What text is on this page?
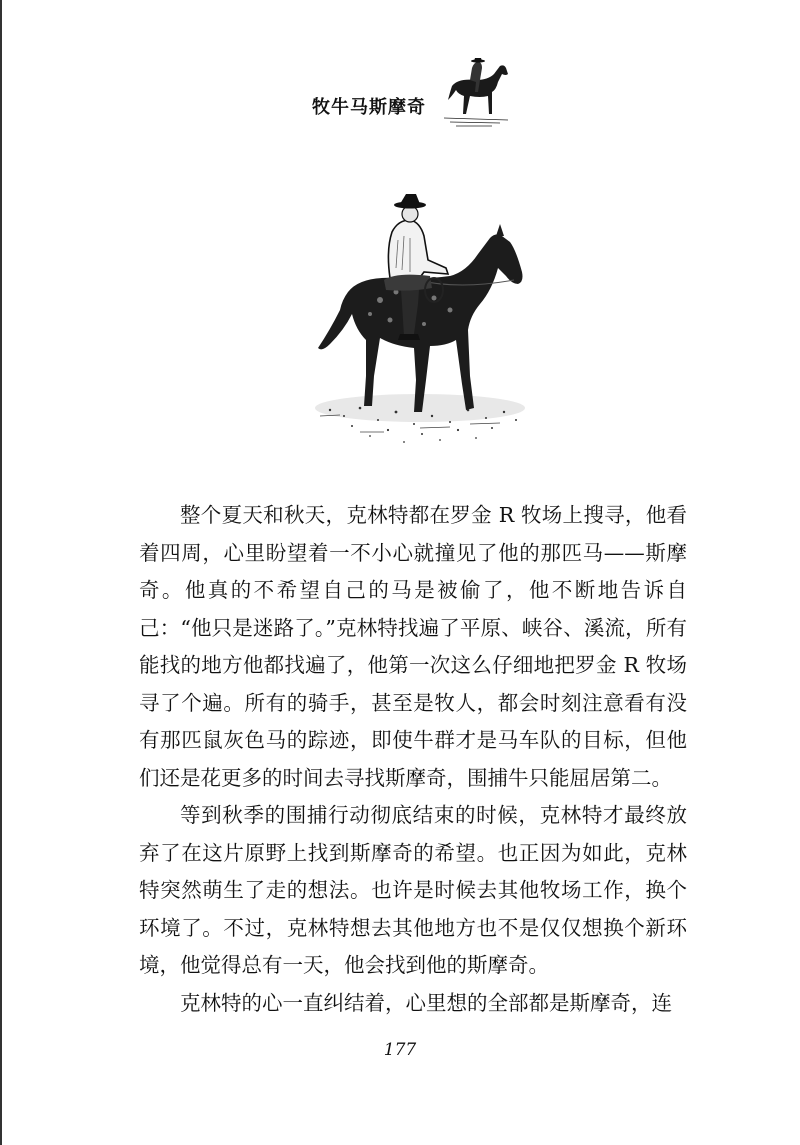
牧牛马斯摩奇

整个夏天和秋天，克林特都在罗金 R 牧场上搜寻，他看着四周，心里盼望着一不小心就撞见了他的那匹马——斯摩奇。他真的不希望自己的马是被偷了，他不断地告诉自己：“他只是迷路了。”克林特找遍了平原、峡谷、溪流，所有能找的地方他都找遍了，他第一次这么仔细地把罗金 R 牧场寻了个遍。所有的骑手，甚至是牧人，都会时刻注意看有没有那匹鼠灰色马的踪迹，即使牛群才是马车队的目标，但他们还是花更多的时间去寻找斯摩奇，围捕牛只能屈居第二。

等到秋季的围捕行动彻底结束的时候，克林特才最终放弃了在这片原野上找到斯摩奇的希望。也正因为如此，克林特突然萌生了走的想法。也许是时候去其他牧场工作，换个环境了。不过，克林特想去其他地方也不是仅仅想换个新环境，他觉得总有一天，他会找到他的斯摩奇。

克林特的心一直纠结着，心里想的全部都是斯摩奇，连

177
